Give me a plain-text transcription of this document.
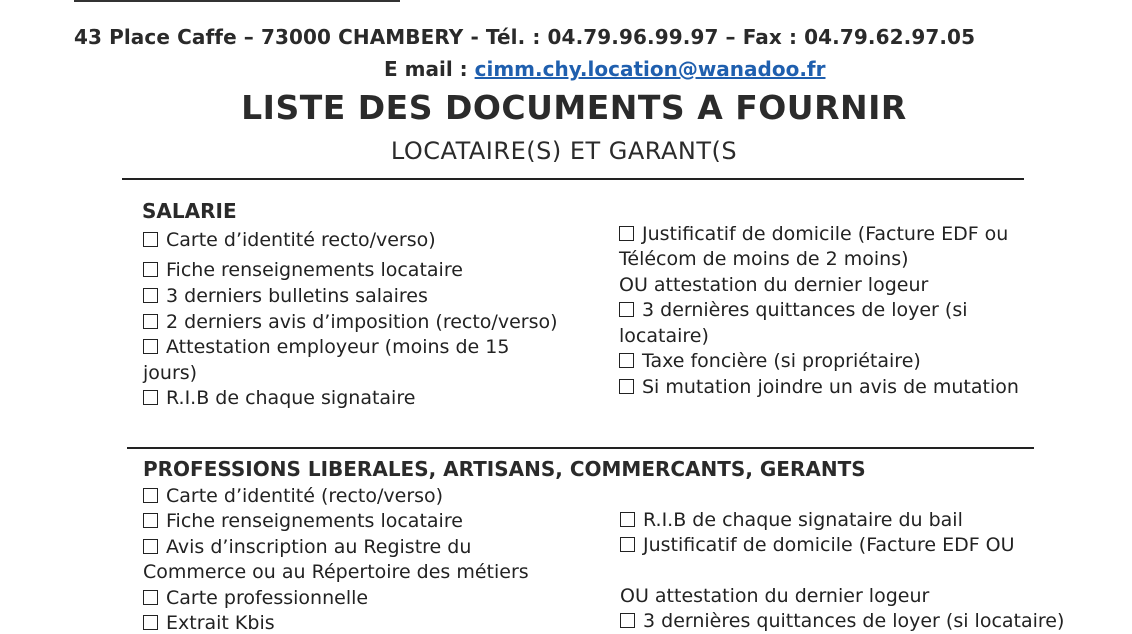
43 Place Caffe – 73000 CHAMBERY - Tél. : 04.79.96.99.97 – Fax : 04.79.62.97.05
E mail : cimm.chy.location@wanadoo.fr
LISTE DES DOCUMENTS A FOURNIR
LOCATAIRE(S) ET GARANT(S
SALARIE
Carte d’identité recto/verso)
Fiche renseignements locataire
3 derniers bulletins salaires
2 derniers avis d’imposition (recto/verso)
Attestation employeur (moins de 15
jours)
R.I.B de chaque signataire
Justificatif de domicile (Facture EDF ou
Télécom de moins de 2 moins)
OU attestation du dernier logeur
3 dernières quittances de loyer (si
locataire)
Taxe foncière (si propriétaire)
Si mutation joindre un avis de mutation
PROFESSIONS LIBERALES, ARTISANS, COMMERCANTS, GERANTS
Carte d’identité (recto/verso)
Fiche renseignements locataire
Avis d’inscription au Registre du
Commerce ou au Répertoire des métiers
Carte professionnelle
Extrait Kbis
R.I.B de chaque signataire du bail
Justificatif de domicile (Facture EDF OU
OU attestation du dernier logeur
3 dernières quittances de loyer (si locataire)
